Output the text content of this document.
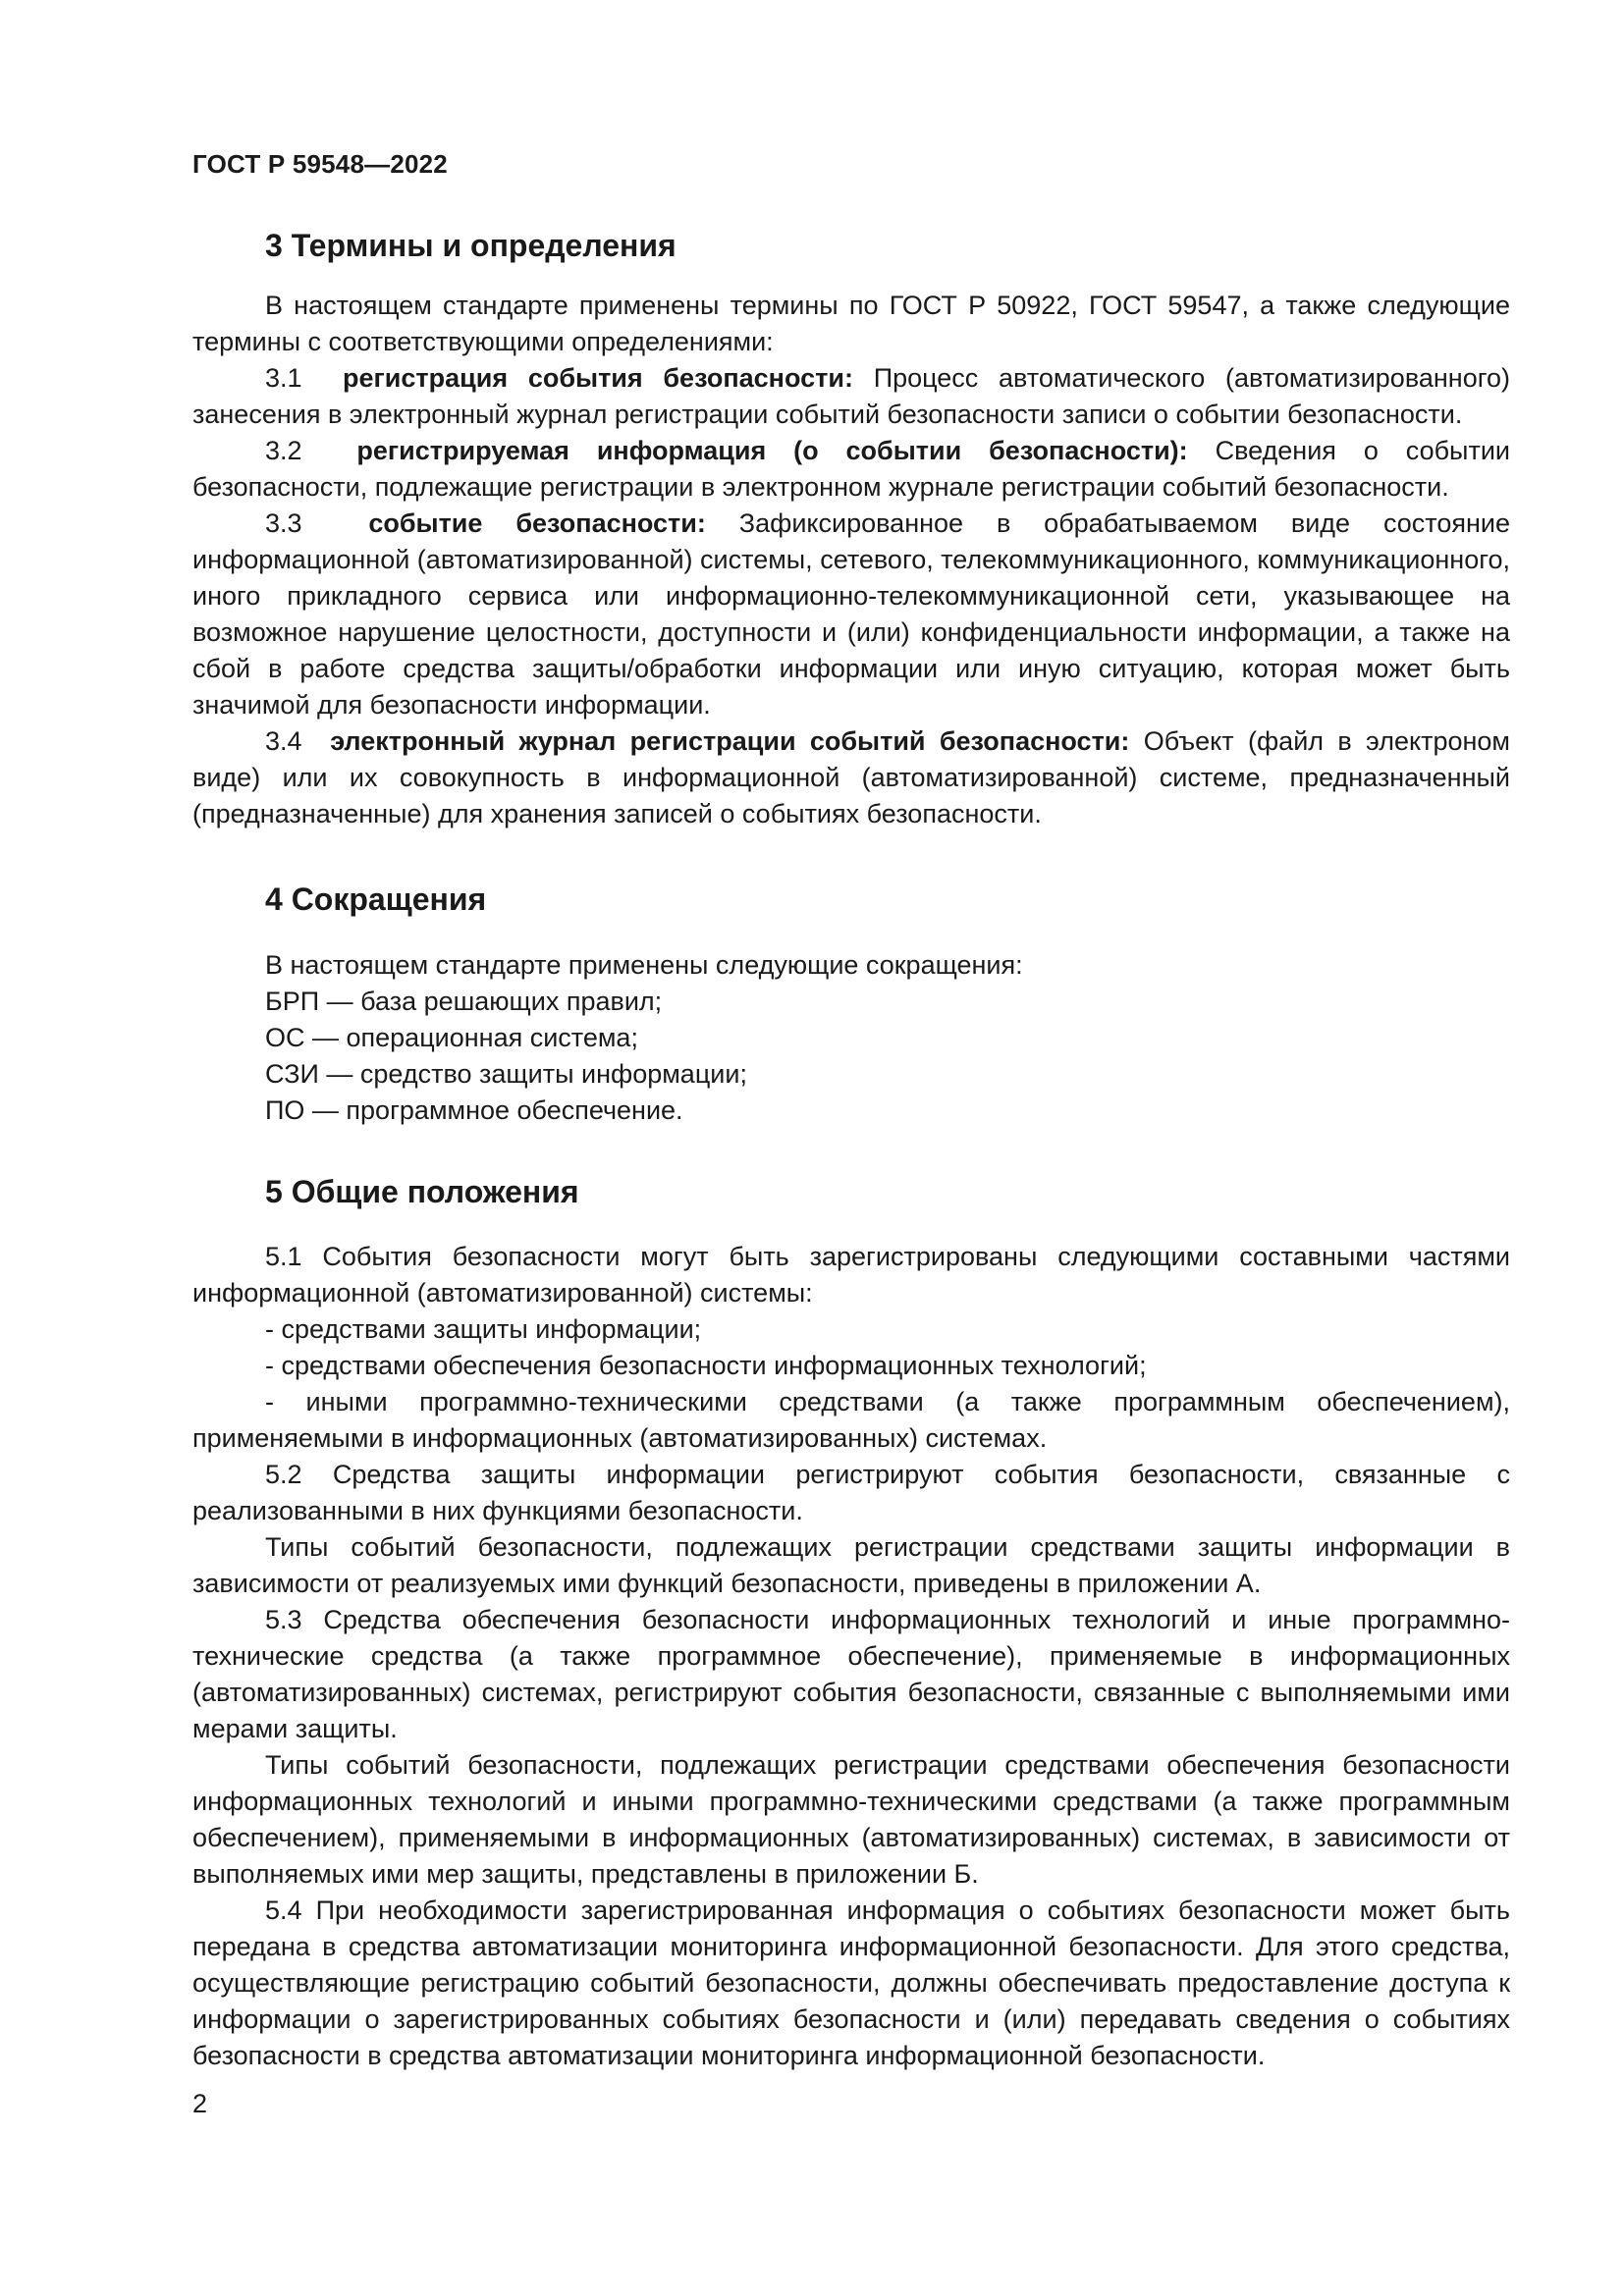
ГОСТ Р 59548—2022
3 Термины и определения

В настоящем стандарте применены термины по ГОСТ Р 50922, ГОСТ 59547, а также следующие термины с соответствующими определениями:

3.1 регистрация события безопасности: Процесс автоматического (автоматизированного) занесения в электронный журнал регистрации событий безопасности записи о событии безопасности.

3.2 регистрируемая информация (о событии безопасности): Сведения о событии безопасности, подлежащие регистрации в электронном журнале регистрации событий безопасности.

3.3	событие безопасности: Зафиксированное в обрабатываемом виде состояние информационной (автоматизированной) системы, сетевого, телекоммуникационного, коммуникационного, иного прикладного сервиса или информационно-телекоммуникационной сети, указывающее на возможное нарушение целостности, доступности и (или) конфиденциальности информации, а также на сбой в работе средства защиты/обработки информации или иную ситуацию, которая может быть значимой для безопасности информации.

3.4 электронный журнал регистрации событий безопасности: Объект (файл в электроном виде) или их совокупность в информационной (автоматизированной) системе, предназначенный (предназначенные) для хранения записей о событиях безопасности.

4 Сокращения

В настоящем стандарте применены следующие сокращения:

БРП — база решающих правил;

ОС — операционная система;

СЗИ — средство защиты информации;

ПО — программное обеспечение.

5 Общие положения

5.1 События безопасности могут быть зарегистрированы следующими составными частями информационной (автоматизированной) системы:

- средствами защиты информации;

- средствами обеспечения безопасности информационных технологий;

- иными программно-техническими средствами (а также программным обеспечением), применяемыми в информационных (автоматизированных) системах.

5.2 Средства защиты информации регистрируют события безопасности, связанные с реализованными в них функциями безопасности.

Типы событий безопасности, подлежащих регистрации средствами защиты информации в зависимости от реализуемых ими функций безопасности, приведены в приложении А.

5.3 Средства обеспечения безопасности информационных технологий и иные программно-технические средства (а также программное обеспечение), применяемые в информационных (автоматизированных) системах, регистрируют события безопасности, связанные с выполняемыми ими мерами защиты.

Типы событий безопасности, подлежащих регистрации средствами обеспечения безопасности информационных технологий и иными программно-техническими средствами (а также программным обеспечением), применяемыми в информационных (автоматизированных) системах, в зависимости от выполняемых ими мер защиты, представлены в приложении Б.

5.4 При необходимости зарегистрированная информация о событиях безопасности может быть передана в средства автоматизации мониторинга информационной безопасности. Для этого средства, осуществляющие регистрацию событий безопасности, должны обеспечивать предоставление доступа к информации о зарегистрированных событиях безопасности и (или) передавать сведения о событиях безопасности в средства автоматизации мониторинга информационной безопасности.

2
